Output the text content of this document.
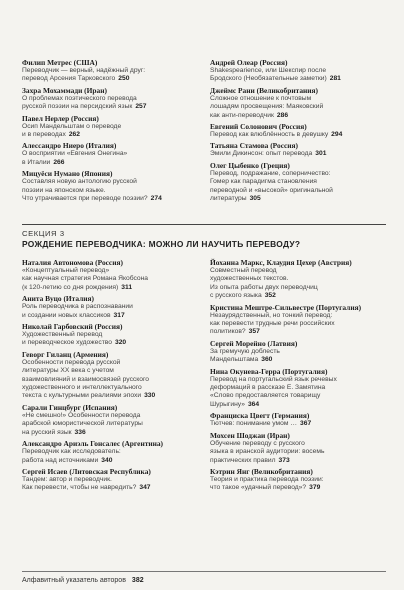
Филип Метрес (США)
Переводчик — верный, надёжный друг:
перевод Арсения Тарковского 250
Захра Мохаммади (Иран)
О проблемах поэтического перевода
русской поэзии на персидский язык 257
Павел Нерлер (Россия)
Осип Мандельштам о переводе
и в переводах 262
Алессандро Ниеро (Италия)
О восприятии «Евгения Онегина»
в Италии 266
Мицуёси Нумано (Япония)
Составляя новую антологию русской
поэзии на японском языке.
Что утрачивается при переводе поэзии? 274
Андрей Олеар (Россия)
Shakespearience, или Шекспир после
Бродского (Необязательные заметки) 281
Джеймс Рани (Великобритания)
Сложное отношение к почтовым
лошадям просвещения: Маяковский
как анти-переводчик 286
Евгений Солонович (Россия)
Перевод как влюблённость в девушку 294
Татьяна Стамова (Россия)
Эмили Дикинсон: опыт перевода 301
Олег Цыбенко (Греция)
Перевод, подражание, соперничество:
Гомер как парадигма становления
переводной и «высокой» оригинальной
литературы 305
СЕКЦИЯ 3
РОЖДЕНИЕ ПЕРЕВОДЧИКА: МОЖНО ЛИ НАУЧИТЬ ПЕРЕВОДУ?
Наталия Автономова (Россия)
«Концептуальный перевод»
как научная стратегия Романа Якобсона
(к 120-летию со дня рождения) 311
Анита Вуцо (Италия)
Роль переводчика в распознавании
и создании новых классиков 317
Николай Гарбовский (Россия)
Художественный перевод
и переводческое художество 320
Геворг Гиланц (Армения)
Особенности перевода русской
литературы XX века с учетом
взаимовлияний и взаимосвязей русского
художественного и интеллектуального
текста с культурными реалиями эпохи 330
Сарали Гинцбург (Испания)
«Не смешно!» Особенности перевода
арабской юмористической литературы
на русский язык 336
Александро Ариэль Гонсалес (Аргентина)
Переводчик как исследователь:
работа над источниками 340
Сергей Исаев (Литовская Республика)
Тандем: автор и переводчик.
Как перевести, чтобы не навредить? 347
Йоханна Маркс, Клаудия Цехер (Австрия)
Совместный перевод
художественных текстов.
Из опыта работы двух переводчиц
с русского языка 352
Кристина Мештре-Сильвестре (Португалия)
Незаурядственный, но тонкий перевод:
как перевести трудные речи российских
политиков? 357
Сергей Морейно (Латвия)
За гремучую доблесть
Мандельштама 360
Нина Окунева-Герра (Португалия)
Перевод на португальский язык речевых
деформаций в рассказе Е. Замятина
«Слово предоставляется товарищу
Шурыгину» 364
Франциска Цвегт (Германия)
Тютчев: понимание умом … 367
Мохсен Шоджаи (Иран)
Обучение переводу с русского
языка в иранской аудитории: восемь
практических правил 373
Кэтрин Янг (Великобритания)
Теория и практика перевода поэзии:
что такое «удачный перевод»? 379
Алфавитный указатель авторов 382
